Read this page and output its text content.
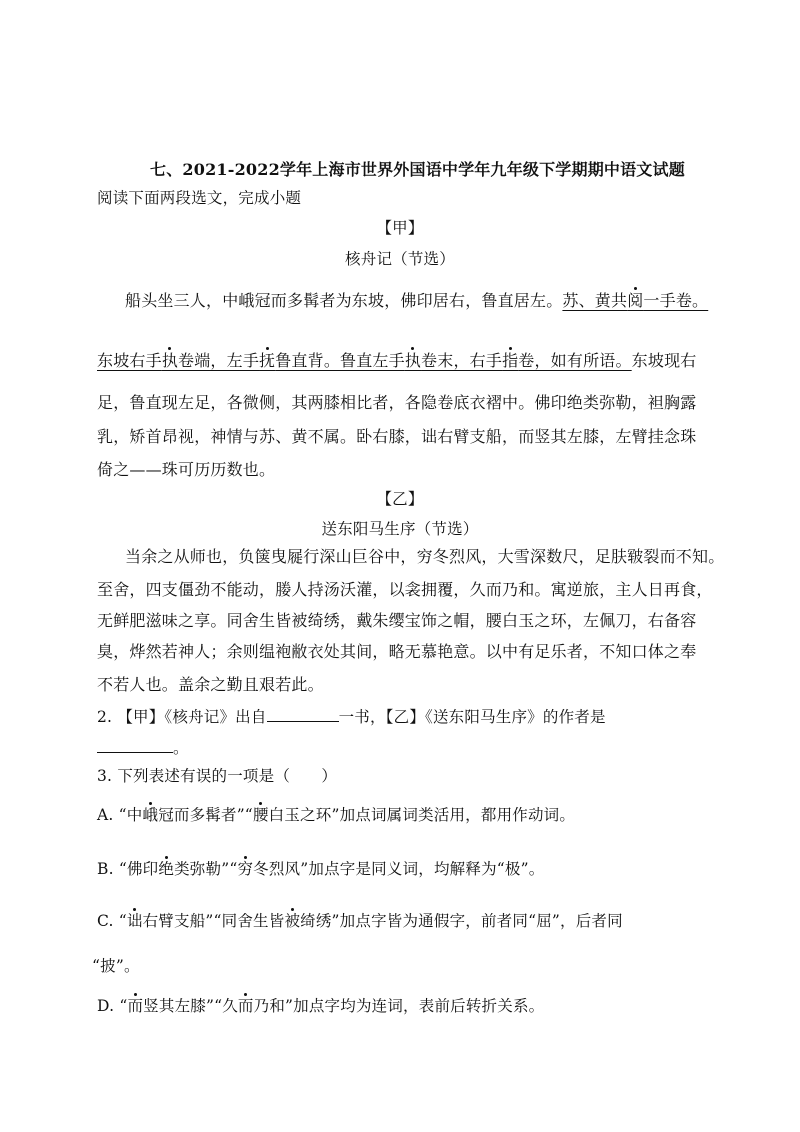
七、2021-2022学年上海市世界外国语中学年九年级下学期期中语文试题
阅读下面两段选文，完成小题
【甲】
核舟记（节选）
船头坐三人，中峨冠而多髯者为东坡，佛印居右，鲁直居左。苏、黄共阅一手卷。
东坡右手执卷端，左手抚鲁直背。鲁直左手执卷末，右手指卷，如有所语。东坡现右
足，鲁直现左足，各微侧，其两膝相比者，各隐卷底衣褶中。佛印绝类弥勒，袒胸露
乳，矫首昂视，神情与苏、黄不属。卧右膝，诎右臂支船，而竖其左膝，左臂挂念珠
倚之——珠可历历数也。
【乙】
送东阳马生序（节选）
当余之从师也，负箧曳屣行深山巨谷中，穷冬烈风，大雪深数尺，足肤皲裂而不知。
至舍，四支僵劲不能动，媵人持汤沃灌，以衾拥覆，久而乃和。寓逆旅，主人日再食，
无鲜肥滋味之享。同舍生皆被绮绣，戴朱缨宝饰之帽，腰白玉之环，左佩刀，右备容
臭，烨然若神人；余则缊袍敝衣处其间，略无慕艳意。以中有足乐者，不知口体之奉
不若人也。盖余之勤且艰若此。
2. 【甲】《核舟记》出自	一书，【乙】《送东阳马生序》的作者是
。
3. 下列表述有误的一项是（　　）
A. “中峨冠而多髯者”“腰白玉之环”加点词属词类活用，都用作动词。
B. “佛印绝类弥勒”“穷冬烈风”加点字是同义词，均解释为“极”。
C. “诎右臂支船”“同舍生皆被绮绣”加点字皆为通假字，前者同“屈”，后者同
“披”。
D. “而竖其左膝”“久而乃和”加点字均为连词，表前后转折关系。
